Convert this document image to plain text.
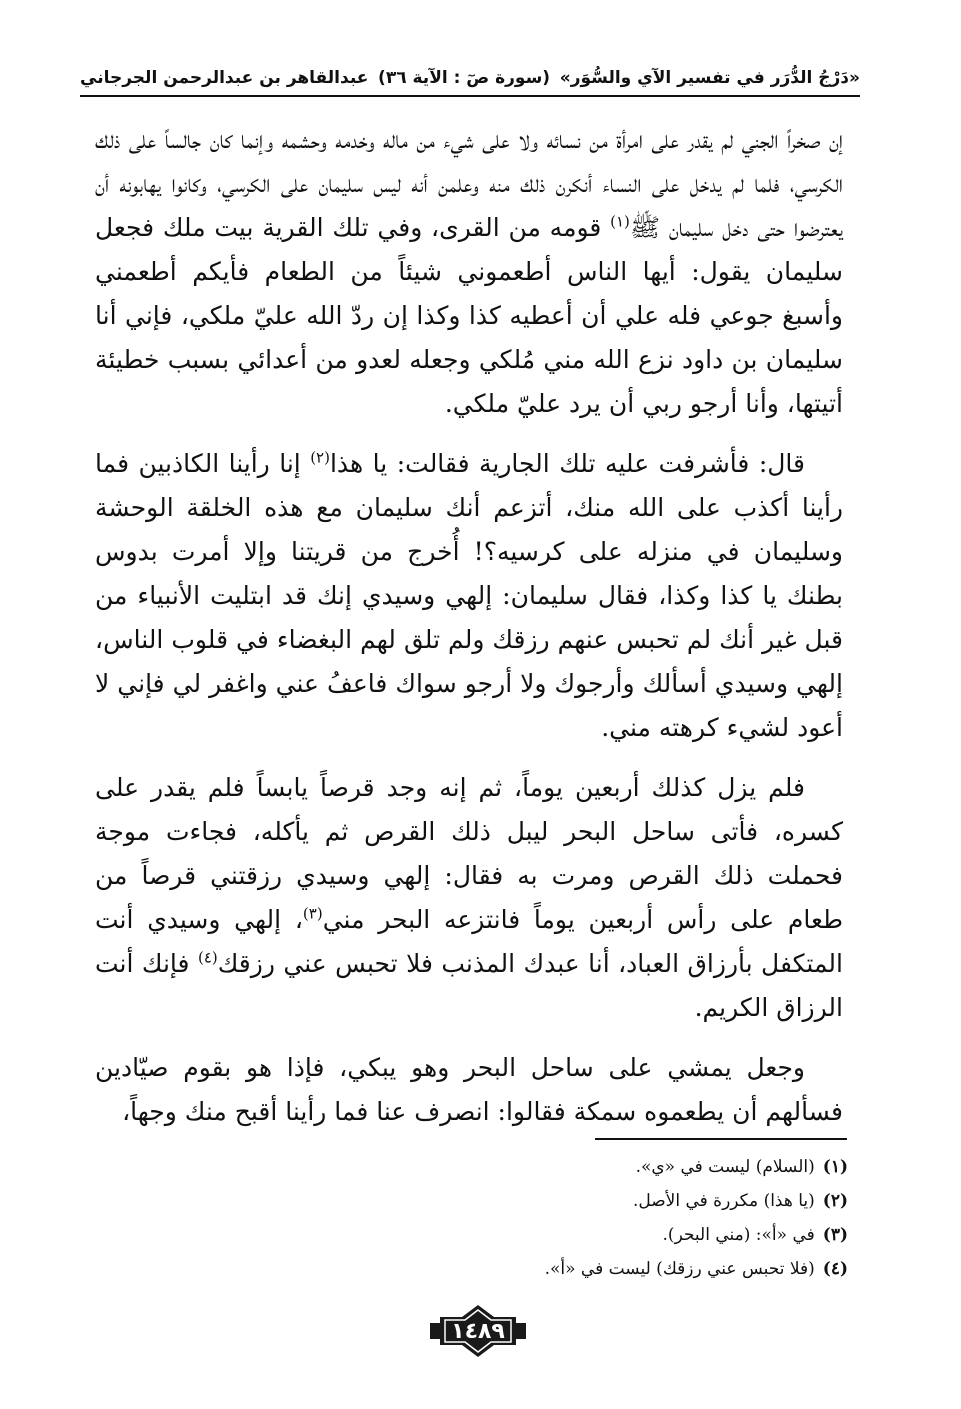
«دَرْجُ الدُّرَر في تفسير الآي والسُّوَر»
(سورة صٓ : الآية ٣٦)
عبدالقاهر بن عبدالرحمن الجرجاني

إن صخراً الجني لم يقدر على امرأة من نسائه ولا على شيء من ماله وخدمه وحشمه وإنما كان جالساً على ذلك الكرسي، فلما لم يدخل على النساء أنكرن ذلك منه وعلمن أنه ليس سليمان على الكرسي، وكانوا يهابونه أن يعترضوا حتى دخل سليمان ﷺ$^{(١)}$ قومه من القرى، وفي تلك القرية بيت ملك فجعل سليمان يقول: أيها الناس أطعموني شيئاً من الطعام فأيكم أطعمني وأسبغ جوعي فله علي أن أعطيه كذا وكذا إن ردّ الله عليّ ملكي، فإني أنا سليمان بن داود نزع الله مني مُلكي وجعله لعدو من أعدائي بسبب خطيئة أتيتها، وأنا أرجو ربي أن يرد عليّ ملكي.

قال: فأشرفت عليه تلك الجارية فقالت: يا هذا$^{(٢)}$ إنا رأينا الكاذبين فما رأينا أكذب على الله منك، أتزعم أنك سليمان مع هذه الخلقة الوحشة وسليمان في منزله على كرسيه؟! أُخرج من قريتنا وإلا أمرت بدوس بطنك يا كذا وكذا، فقال سليمان: إلهي وسيدي إنك قد ابتليت الأنبياء من قبل غير أنك لم تحبس عنهم رزقك ولم تلق لهم البغضاء في قلوب الناس، إلهي وسيدي أسألك وأرجوك ولا أرجو سواك فاعفُ عني واغفر لي فإني لا أعود لشيء كرهته مني.

فلم يزل كذلك أربعين يوماً، ثم إنه وجد قرصاً يابساً فلم يقدر على كسره، فأتى ساحل البحر ليبل ذلك القرص ثم يأكله، فجاءت موجة فحملت ذلك القرص ومرت به فقال: إلهي وسيدي رزقتني قرصاً من طعام على رأس أربعين يوماً فانتزعه البحر مني$^{(٣)}$، إلهي وسيدي أنت المتكفل بأرزاق العباد، أنا عبدك المذنب فلا تحبس عني رزقك$^{(٤)}$ فإنك أنت الرزاق الكريم.

وجعل يمشي على ساحل البحر وهو يبكي، فإذا هو بقوم صيّادين فسألهم أن يطعموه سمكة فقالوا: انصرف عنا فما رأينا أقبح منك وجهاً،

(١)
(السلام) ليست في «ي».
(٢)
(يا هذا) مكررة في الأصل.
(٣)
في «أ»: (مني البحر).
(٤)
(فلا تحبس عني رزقك) ليست في «أ».
١٤٨٩
